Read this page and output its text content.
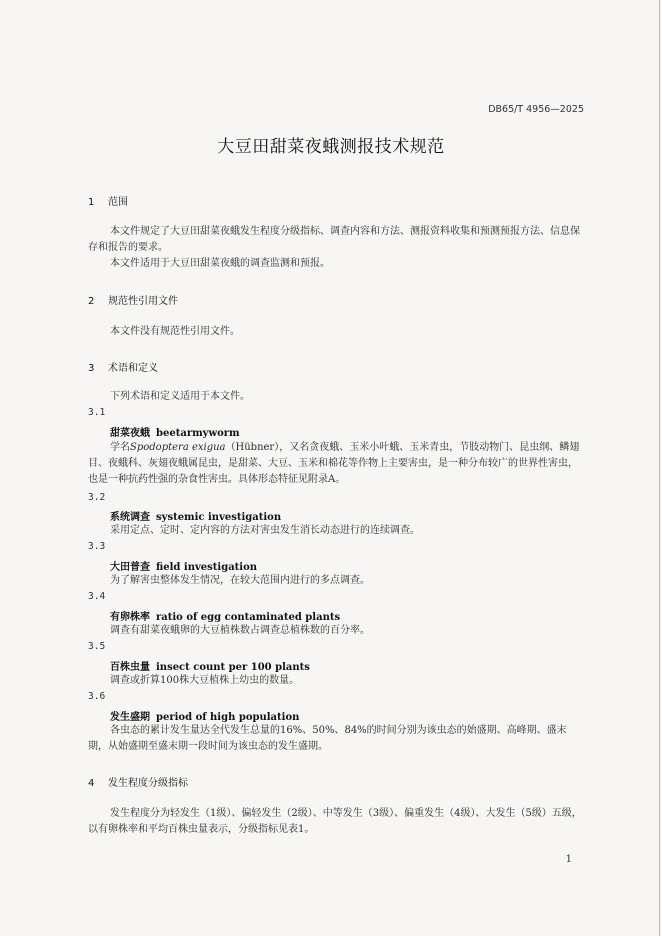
DB65/T 4956—2025
大豆田甜菜夜蛾测报技术规范
1 范围
本文件规定了大豆田甜菜夜蛾发生程度分级指标、调查内容和方法、测报资料收集和预测预报方法、信息保存和报告的要求。
本文件适用于大豆田甜菜夜蛾的调查监测和预报。
2 规范性引用文件
本文件没有规范性引用文件。
3 术语和定义
下列术语和定义适用于本文件。
3.1
甜菜夜蛾 beetarmyworm
学名Spodoptera exigua（Hübner），又名贪夜蛾、玉米小叶蛾、玉米青虫，节肢动物门、昆虫纲、鳞翅目、夜蛾科、灰翅夜蛾属昆虫，是甜菜、大豆、玉米和棉花等作物上主要害虫，是一种分布较广的世界性害虫，也是一种抗药性强的杂食性害虫。具体形态特征见附录A。
3.2
系统调查 systemic investigation
采用定点、定时、定内容的方法对害虫发生消长动态进行的连续调查。
3.3
大田普查 field investigation
为了解害虫整体发生情况，在较大范围内进行的多点调查。
3.4
有卵株率 ratio of egg contaminated plants
调查有甜菜夜蛾卵的大豆植株数占调查总植株数的百分率。
3.5
百株虫量 insect count per 100 plants
调查或折算100株大豆植株上幼虫的数量。
3.6
发生盛期 period of high population
各虫态的累计发生量达全代发生总量的16%、50%、84%的时间分别为该虫态的始盛期、高峰期、盛末期，从始盛期至盛末期一段时间为该虫态的发生盛期。
4 发生程度分级指标
发生程度分为轻发生（1级）、偏轻发生（2级）、中等发生（3级）、偏重发生（4级）、大发生（5级）五级，以有卵株率和平均百株虫量表示，分级指标见表1。
1
